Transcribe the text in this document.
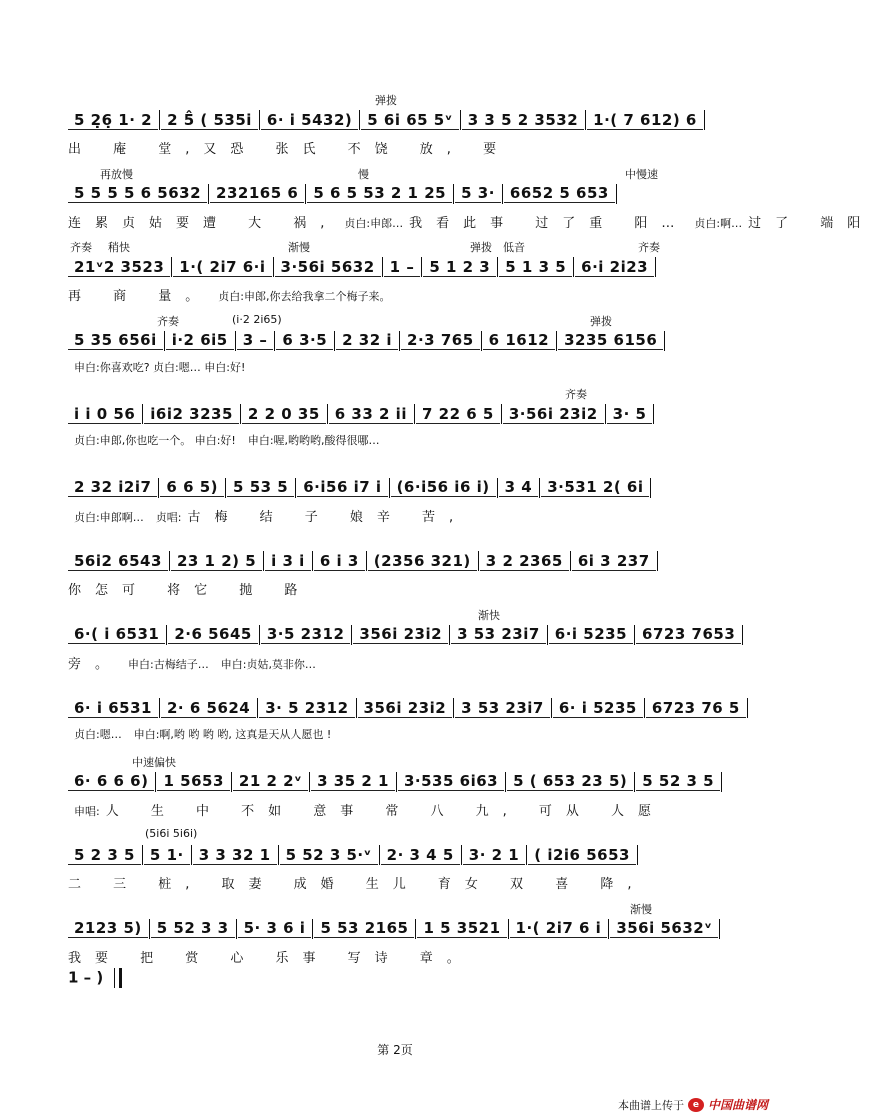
弹拨
5 2̣6̣ 1· 2 2 5̂ ( 535i 6· i 5432) 5 6i 65 5ᵛ 3 3 5 2 3532 1·( 7 612) 6
出 庵 堂,又恐 张氏 不饶 放, 要
再放慢	慢	中慢速
5 5 5 5 6 5632 232165 6 5 6 5 53 2 1 25 5 3· 6652 5 653
连累贞姑要遭 大 祸, 贞白:申郎… 我看此事 过了重 阳… 贞白:啊… 过了 端阳
齐奏 稍快	渐慢	弹拨 低音	齐奏
21ᵛ2 3523 1·( 2i7 6·i 3·56i 5632 1 – 5 1 2 3 5 1 3 5 6·i 2i23
再 商 量。 贞白:申郎,你去给我拿二个梅子来。
齐奏	(i·2 2i65)	弹拨
5 35 656i i·2 6i5 3 – 6 3·5 2 32 i 2·3 765 6 1612 3235 6156
申白:你喜欢吃? 贞白:嗯… 申白:好!
齐奏
i i 0 56 i6i2 3235 2 2 0 35 6 33 2 ii 7 22 6 5 3·56i 23i2 3· 5
贞白:申郎,你也吃一个。 申白:好! 申白:喔,哟哟哟,酸得很哪…
2 32 i2i7 6 6 5) 5 53 5 6·i56 i7 i (6·i56 i6 i) 3 4 3·531 2( 6i
贞白:申郎啊… 贞唱: 古梅 结 子 娘辛 苦,
56i2 6543 23 1 2) 5 i 3 i 6 i 3 (2356 321) 3 2 2365 6i 3 237
你怎可 将它 抛 路
渐快
6·( i 6531 2·6 5645 3·5 2312 356i 23i2 3 53 23i7 6·i 5235 6723 7653
旁。 申白:古梅结子… 申白:贞姑,莫非你…
6· i 6531 2· 6 5624 3· 5 2312 356i 23i2 3 53 23i7 6· i 5235 6723 76 5
贞白:嗯… 申白:啊,哟 哟 哟 哟, 这真是天从人愿也 !
中速偏快
6· 6 6 6) 1 5653 21 2 2ᵛ 3 35 2 1 3·535 6i63 5 ( 653 23 5) 5 52 3 5
申唱: 人 生 中 不如 意事 常 八 九, 可从 人愿
(5i6i 5i6i)
5 2 3 5 5 1· 3 3 32 1 5 52 3 5·ᵛ 2· 3 4 5 3· 2 1 ( i2i6 5653
二 三 桩, 取妻 成婚 生儿 育女 双 喜 降,
渐慢
2123 5) 5 52 3 3 5· 3 6 i 5 53 2165 1 5 3521 1·( 2i7 6 i 356i 5632ᵛ
我要 把 赏 心 乐事 写诗 章。
1 – )
第 2页
本曲谱上传于 e 中国曲谱网
